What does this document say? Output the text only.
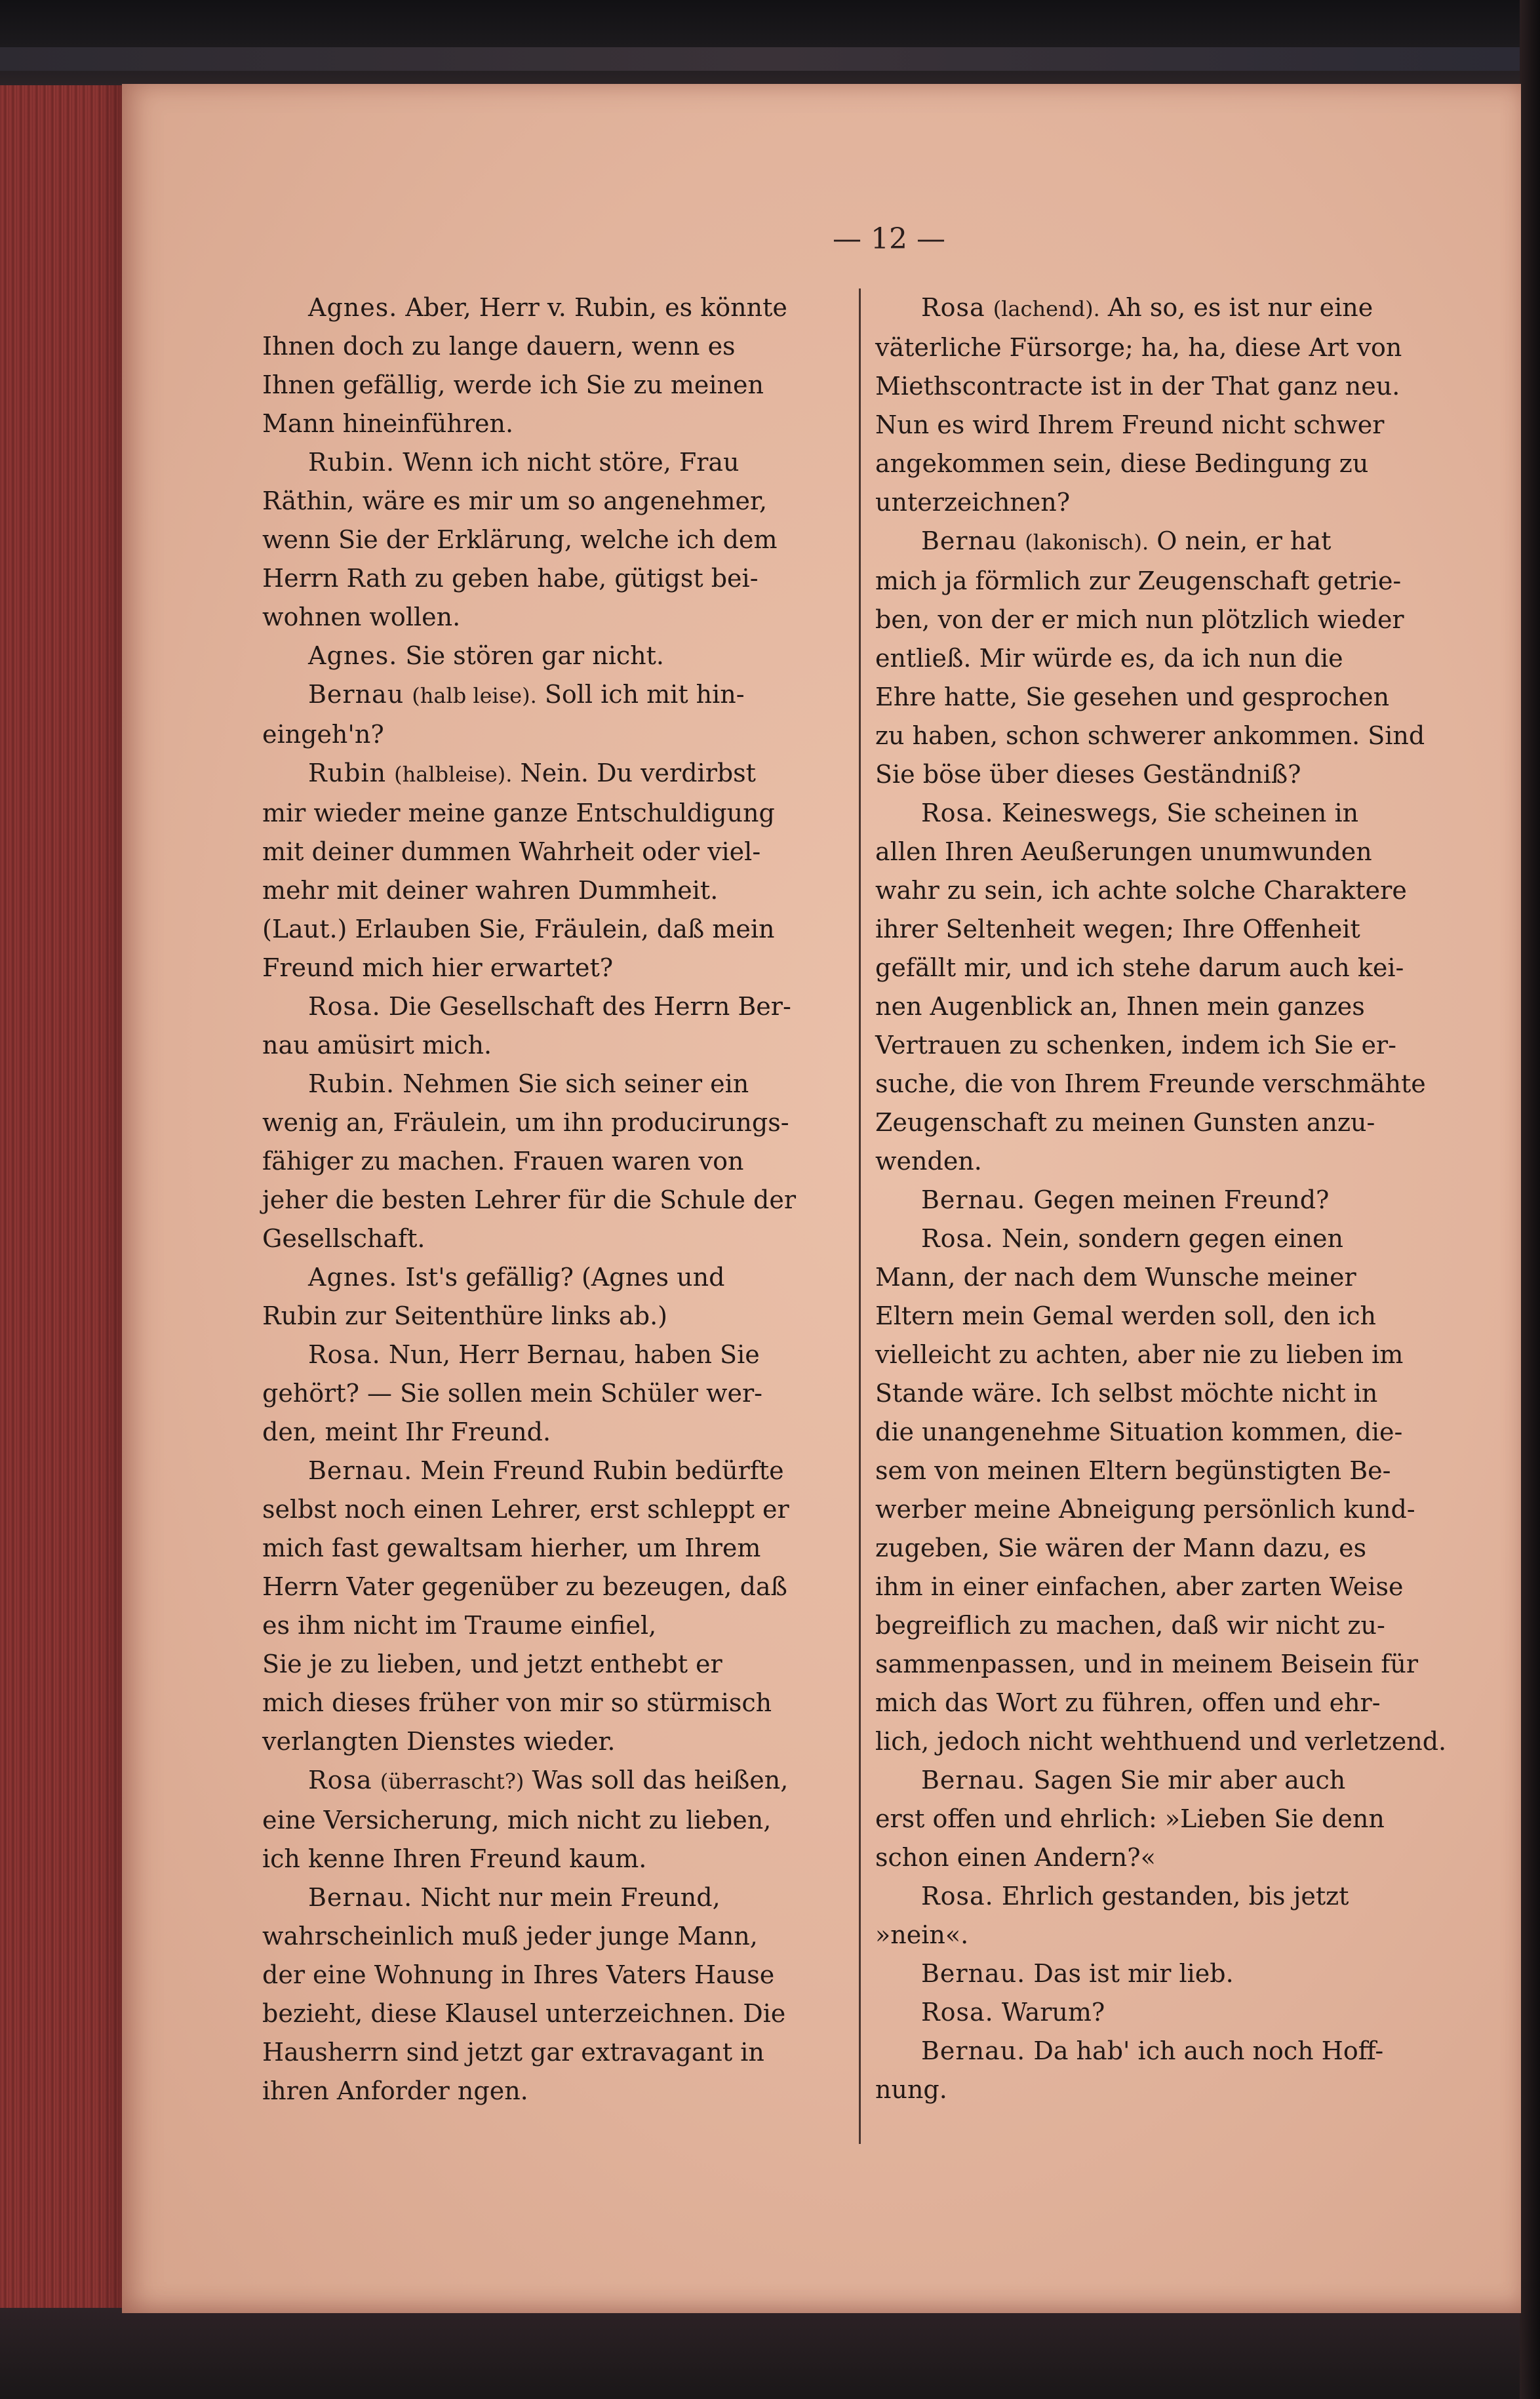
— 12 —

Agnes. Aber, Herr v. Rubin, es könnte
Ihnen doch zu lange dauern, wenn es
Ihnen gefällig, werde ich Sie zu meinen
Mann hineinführen.

Rubin. Wenn ich nicht störe, Frau
Räthin, wäre es mir um so angenehmer,
wenn Sie der Erklärung, welche ich dem
Herrn Rath zu geben habe, gütigst bei-
wohnen wollen.

Agnes. Sie stören gar nicht.

Bernau (halb leise). Soll ich mit hin-
eingeh'n?

Rubin (halbleise). Nein. Du verdirbst
mir wieder meine ganze Entschuldigung
mit deiner dummen Wahrheit oder viel-
mehr mit deiner wahren Dummheit.
(Laut.) Erlauben Sie, Fräulein, daß mein
Freund mich hier erwartet?

Rosa. Die Gesellschaft des Herrn Ber-
nau amüsirt mich.

Rubin. Nehmen Sie sich seiner ein
wenig an, Fräulein, um ihn producirungs-
fähiger zu machen. Frauen waren von
jeher die besten Lehrer für die Schule der
Gesellschaft.

Agnes. Ist's gefällig? (Agnes und
Rubin zur Seitenthüre links ab.)

Rosa. Nun, Herr Bernau, haben Sie
gehört? — Sie sollen mein Schüler wer-
den, meint Ihr Freund.

Bernau. Mein Freund Rubin bedürfte
selbst noch einen Lehrer, erst schleppt er
mich fast gewaltsam hierher, um Ihrem
Herrn Vater gegenüber zu bezeugen, daß
es ihm nicht im Traume einfiel,
Sie je zu lieben, und jetzt enthebt er
mich dieses früher von mir so stürmisch
verlangten Dienstes wieder.

Rosa (überrascht?) Was soll das heißen,
eine Versicherung, mich nicht zu lieben,
ich kenne Ihren Freund kaum.

Bernau. Nicht nur mein Freund,
wahrscheinlich muß jeder junge Mann,
der eine Wohnung in Ihres Vaters Hause
bezieht, diese Klausel unterzeichnen. Die
Hausherrn sind jetzt gar extravagant in
ihren Anforder ngen.

Rosa (lachend). Ah so, es ist nur eine
väterliche Fürsorge; ha, ha, diese Art von
Miethscontracte ist in der That ganz neu.
Nun es wird Ihrem Freund nicht schwer
angekommen sein, diese Bedingung zu
unterzeichnen?

Bernau (lakonisch). O nein, er hat
mich ja förmlich zur Zeugenschaft getrie-
ben, von der er mich nun plötzlich wieder
entließ. Mir würde es, da ich nun die
Ehre hatte, Sie gesehen und gesprochen
zu haben, schon schwerer ankommen. Sind
Sie böse über dieses Geständniß?

Rosa. Keineswegs, Sie scheinen in
allen Ihren Aeußerungen unumwunden
wahr zu sein, ich achte solche Charaktere
ihrer Seltenheit wegen; Ihre Offenheit
gefällt mir, und ich stehe darum auch kei-
nen Augenblick an, Ihnen mein ganzes
Vertrauen zu schenken, indem ich Sie er-
suche, die von Ihrem Freunde verschmähte
Zeugenschaft zu meinen Gunsten anzu-
wenden.

Bernau. Gegen meinen Freund?

Rosa. Nein, sondern gegen einen
Mann, der nach dem Wunsche meiner
Eltern mein Gemal werden soll, den ich
vielleicht zu achten, aber nie zu lieben im
Stande wäre. Ich selbst möchte nicht in
die unangenehme Situation kommen, die-
sem von meinen Eltern begünstigten Be-
werber meine Abneigung persönlich kund-
zugeben, Sie wären der Mann dazu, es
ihm in einer einfachen, aber zarten Weise
begreiflich zu machen, daß wir nicht zu-
sammenpassen, und in meinem Beisein für
mich das Wort zu führen, offen und ehr-
lich, jedoch nicht wehthuend und verletzend.

Bernau. Sagen Sie mir aber auch
erst offen und ehrlich: »Lieben Sie denn
schon einen Andern?«

Rosa. Ehrlich gestanden, bis jetzt
»nein«.

Bernau. Das ist mir lieb.

Rosa. Warum?

Bernau. Da hab' ich auch noch Hoff-
nung.
